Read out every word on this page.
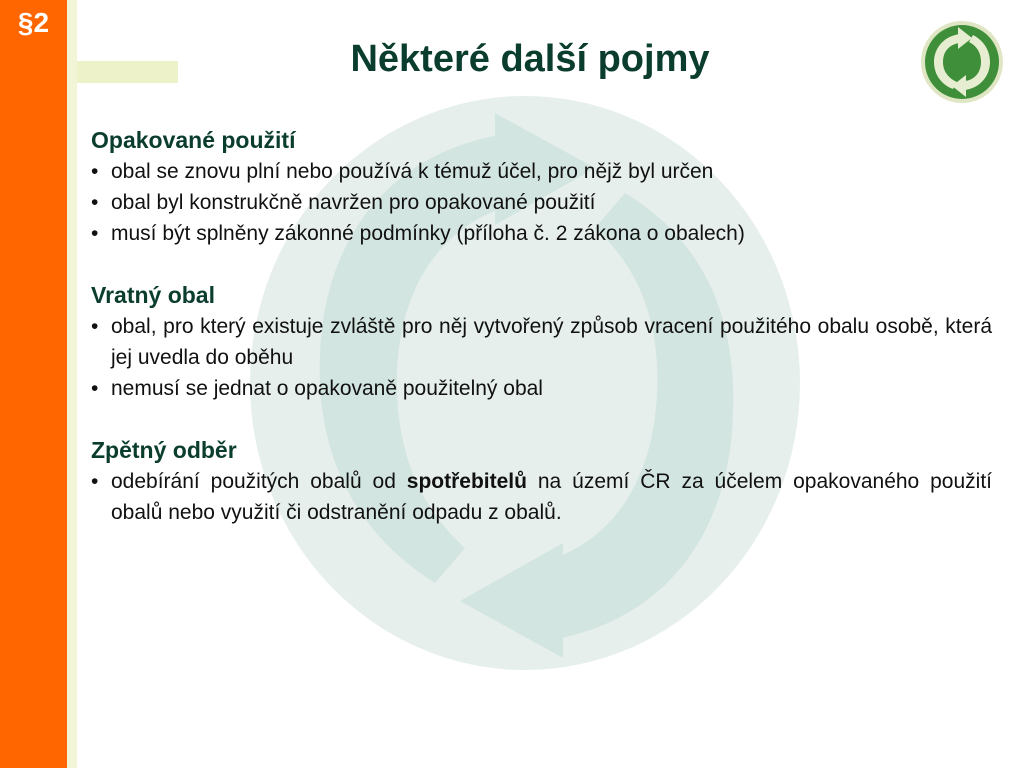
§2
Některé další pojmy
Opakované použití
• obal se znovu plní nebo používá k témuž účel, pro nějž byl určen
• obal byl konstrukčně navržen pro opakované použití
• musí být splněny zákonné podmínky (příloha č. 2 zákona o obalech)
Vratný obal
• obal, pro který existuje zvláště pro něj vytvořený způsob vracení použitého obalu osobě, která jej uvedla do oběhu
• nemusí se jednat o opakovaně použitelný obal
Zpětný odběr
• odebírání použitých obalů od spotřebitelů na území ČR za účelem opakovaného použití obalů nebo využití či odstranění odpadu z obalů.
